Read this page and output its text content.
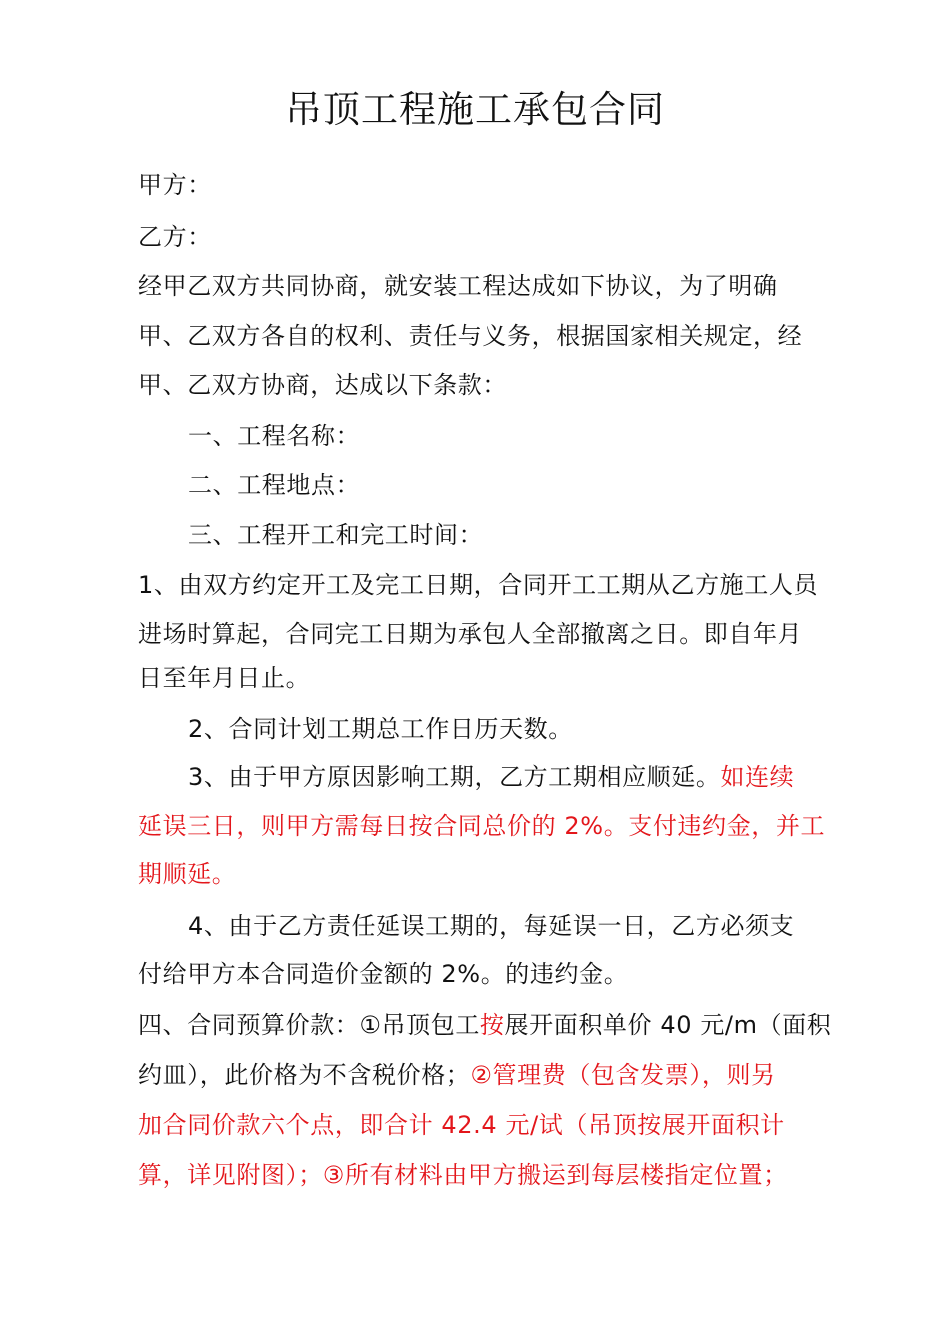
吊顶工程施工承包合同
甲方：
乙方：
经甲乙双方共同协商，就安装工程达成如下协议，为了明确
甲、乙双方各自的权利、责任与义务，根据国家相关规定，经
甲、乙双方协商，达成以下条款：
一、工程名称：
二、工程地点：
三、工程开工和完工时间：
1、由双方约定开工及完工日期，合同开工工期从乙方施工人员
进场时算起，合同完工日期为承包人全部撤离之日。即自年月
日至年月日止。
2、合同计划工期总工作日历天数。
3、由于甲方原因影响工期，乙方工期相应顺延。如连续
延误三日，则甲方需每日按合同总价的 2%。支付违约金，并工
期顺延。
4、由于乙方责任延误工期的，每延误一日，乙方必须支
付给甲方本合同造价金额的 2%。的违约金。
四、合同预算价款：①吊顶包工按展开面积单价 40 元/m（面积
约皿），此价格为不含税价格；②管理费（包含发票），则另
加合同价款六个点，即合计 42.4 元/试（吊顶按展开面积计
算，详见附图）；③所有材料由甲方搬运到每层楼指定位置；
